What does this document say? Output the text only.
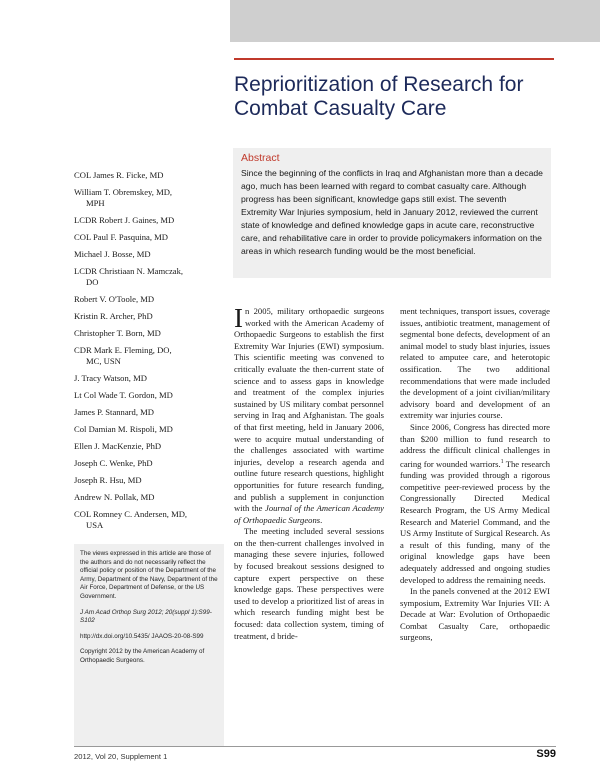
Reprioritization of Research for Combat Casualty Care
Abstract
Since the beginning of the conflicts in Iraq and Afghanistan more than a decade ago, much has been learned with regard to combat casualty care. Although progress has been significant, knowledge gaps still exist. The seventh Extremity War Injuries symposium, held in January 2012, reviewed the current state of knowledge and defined knowledge gaps in acute care, reconstructive care, and rehabilitative care in order to provide policymakers information on the areas in which research funding would be the most beneficial.
COL James R. Ficke, MD
William T. Obremskey, MD,
MPH
LCDR Robert J. Gaines, MD
COL Paul F. Pasquina, MD
Michael J. Bosse, MD
LCDR Christiaan N. Mamczak,
DO
Robert V. O'Toole, MD
Kristin R. Archer, PhD
Christopher T. Born, MD
CDR Mark E. Fleming, DO,
MC, USN
J. Tracy Watson, MD
Lt Col Wade T. Gordon, MD
James P. Stannard, MD
Col Damian M. Rispoli, MD
Ellen J. MacKenzie, PhD
Joseph C. Wenke, PhD
Joseph R. Hsu, MD
Andrew N. Pollak, MD
COL Romney C. Andersen, MD,
USA

The views expressed in this article are those of the authors and do not necessarily reflect the official policy or position of the Department of the Army, Department of the Navy, Department of the Air Force, Department of Defense, or the US Government.

J Am Acad Orthop Surg 2012; 20(suppl 1):S99-S102

http://dx.doi.org/10.5435/ JAAOS-20-08-S99

Copyright 2012 by the American Academy of Orthopaedic Surgeons.

In 2005, military orthopaedic surgeons worked with the American Academy of Orthopaedic Surgeons to establish the first Extremity War Injuries (EWI) symposium. This scientific meeting was convened to critically evaluate the then-current state of science and to assess gaps in knowledge and treatment of the complex injuries sustained by US military combat personnel serving in Iraq and Afghanistan. The goals of that first meeting, held in January 2006, were to acquire mutual understanding of the challenges associated with wartime injuries, develop a research agenda and outline future research questions, highlight opportunities for future research funding, and publish a supplement in conjunction with the Journal of the American Academy of Orthopaedic Surgeons.

The meeting included several sessions on the then-current challenges involved in managing these severe injuries, followed by focused breakout sessions designed to capture expert perspective on these knowledge gaps. These perspectives were used to develop a prioritized list of areas in which research funding might best be focused: data collection system, timing of treatment, d bride-

ment techniques, transport issues, coverage issues, antibiotic treatment, management of segmental bone defects, development of an animal model to study blast injuries, issues related to amputee care, and heterotopic ossification. The two additional recommendations that were made included the development of a joint civilian/military advisory board and development of an extremity war injuries course.

Since 2006, Congress has directed more than $200 million to fund research to address the difficult clinical challenges in caring for wounded warriors.$^1$ The research funding was provided through a rigorous competitive peer-reviewed process by the Congressionally Directed Medical Research Program, the US Army Medical Research and Materiel Command, and the US Army Institute of Surgical Research. As a result of this funding, many of the original knowledge gaps have been adequately addressed and ongoing studies developed to address the remaining needs.

In the panels convened at the 2012 EWI symposium, Extremity War Injuries VII: A Decade at War: Evolution of Orthopaedic Combat Casualty Care, orthopaedic surgeons,

2012, Vol 20, Supplement 1	S99
